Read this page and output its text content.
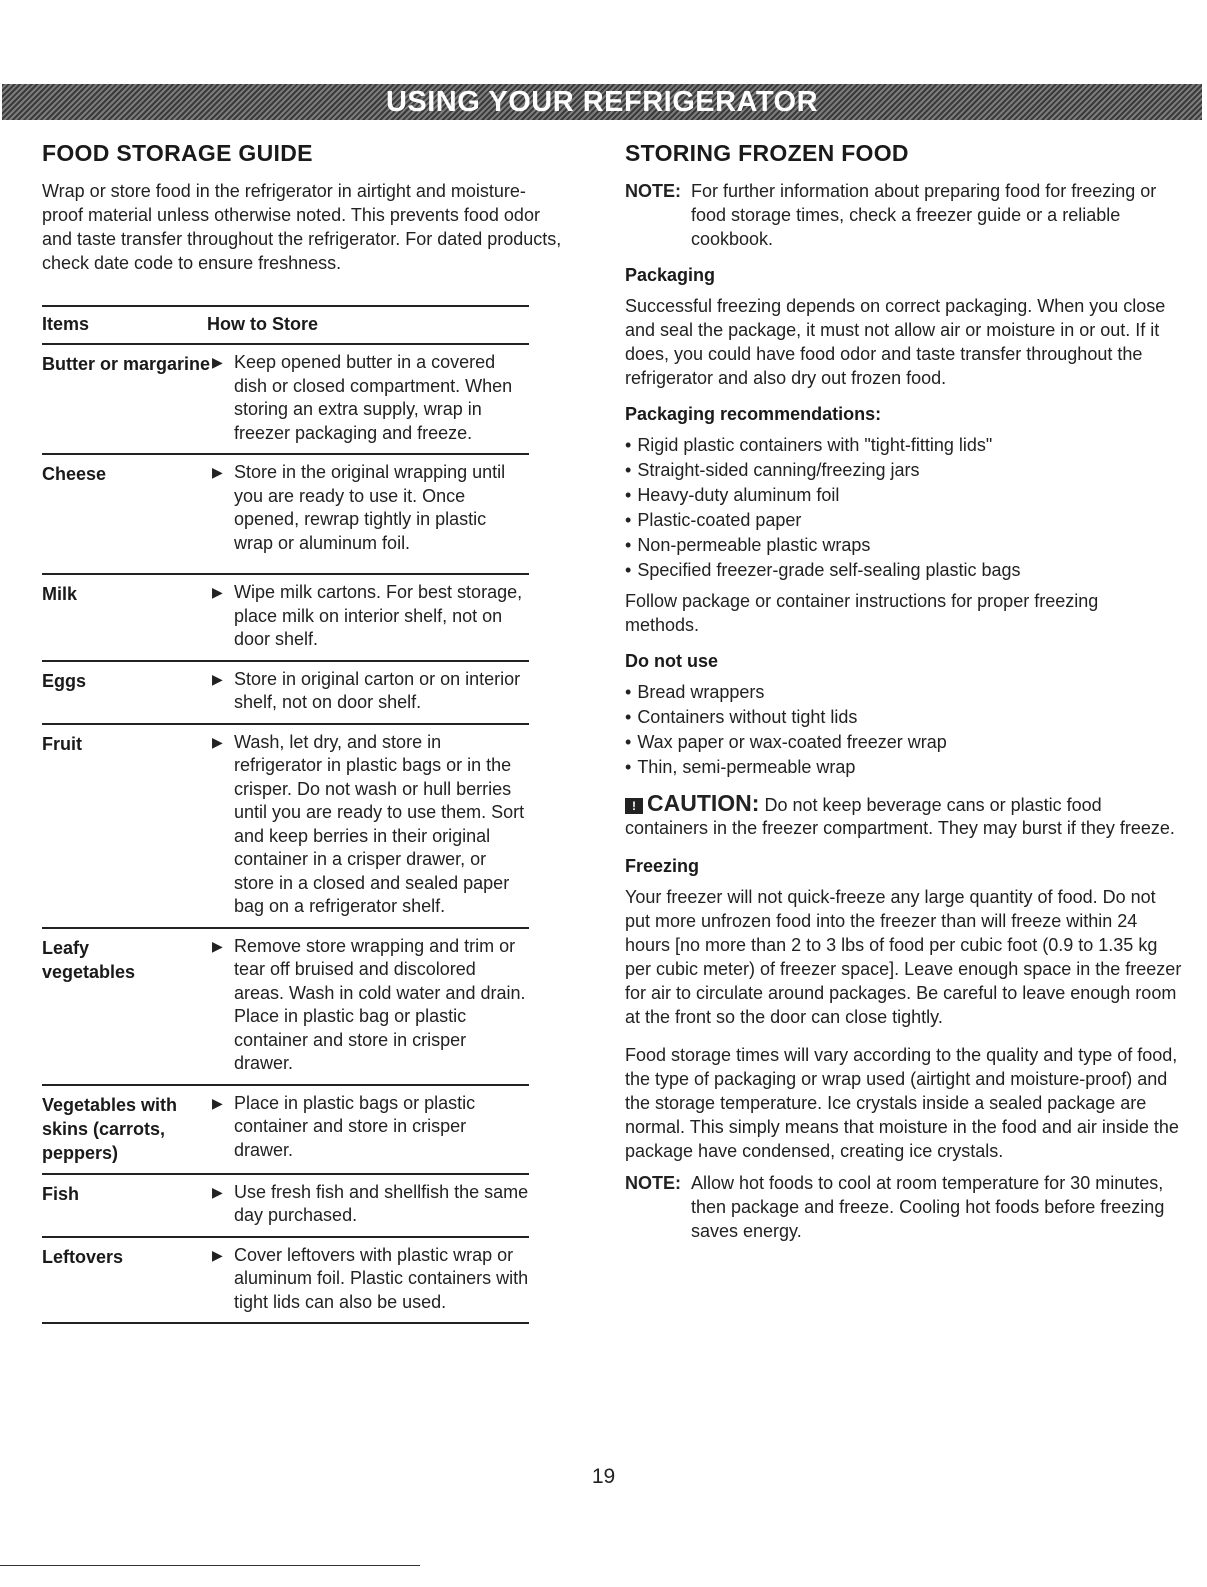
USING YOUR REFRIGERATOR
FOOD STORAGE GUIDE

Wrap or store food in the refrigerator in airtight and moisture-proof material unless otherwise noted. This prevents food odor and taste transfer throughout the refrigerator. For dated products, check date code to ensure freshness.

Items	How to Store
Butter or margarine ▶ Keep opened butter in a covered dish or closed compartment. When storing an extra supply, wrap in freezer packaging and freeze.
Cheese	▶ Store in the original wrapping until you are ready to use it. Once opened, rewrap tightly in plastic wrap or aluminum foil.
Milk	▶ Wipe milk cartons. For best storage, place milk on interior shelf, not on door shelf.
Eggs	▶ Store in original carton or on interior shelf, not on door shelf.
Fruit	▶ Wash, let dry, and store in refrigerator in plastic bags or in the crisper. Do not wash or hull berries until you are ready to use them. Sort and keep berries in their original container in a crisper drawer, or store in a closed and sealed paper bag on a refrigerator shelf.
Leafy vegetables
▶ Remove store wrapping and trim or tear off bruised and discolored areas. Wash in cold water and drain. Place in plastic bag or plastic container and store in crisper drawer.
Vegetables with skins (carrots, peppers)
▶ Place in plastic bags or plastic container and store in crisper drawer.
Fish	▶ Use fresh fish and shellfish the same day purchased.
Leftovers	▶ Cover leftovers with plastic wrap or aluminum foil. Plastic containers with tight lids can also be used.
STORING FROZEN FOOD
NOTE: For further information about preparing food for freezing or food storage times, check a freezer guide or a reliable cookbook.
Packaging

Successful freezing depends on correct packaging. When you close and seal the package, it must not allow air or moisture in or out. If it does, you could have food odor and taste transfer throughout the refrigerator and also dry out frozen food.

Packaging recommendations:
• Rigid plastic containers with "tight-fitting lids"
• Straight-sided canning/freezing jars
• Heavy-duty aluminum foil
• Plastic-coated paper
• Non-permeable plastic wraps
• Specified freezer-grade self-sealing plastic bags

Follow package or container instructions for proper freezing methods.

Do not use
• Bread wrappers
• Containers without tight lids
• Wax paper or wax-coated freezer wrap
• Thin, semi-permeable wrap
! CAUTION: Do not keep beverage cans or plastic food containers in the freezer compartment. They may burst if they freeze.
Freezing

Your freezer will not quick-freeze any large quantity of food. Do not put more unfrozen food into the freezer than will freeze within 24 hours [no more than 2 to 3 lbs of food per cubic foot (0.9 to 1.35 kg per cubic meter) of freezer space]. Leave enough space in the freezer for air to circulate around packages. Be careful to leave enough room at the front so the door can close tightly.

Food storage times will vary according to the quality and type of food, the type of packaging or wrap used (airtight and moisture-proof) and the storage temperature. Ice crystals inside a sealed package are normal. This simply means that moisture in the food and air inside the package have condensed, creating ice crystals.

NOTE: Allow hot foods to cool at room temperature for 30 minutes, then package and freeze. Cooling hot foods before freezing saves energy.
19
